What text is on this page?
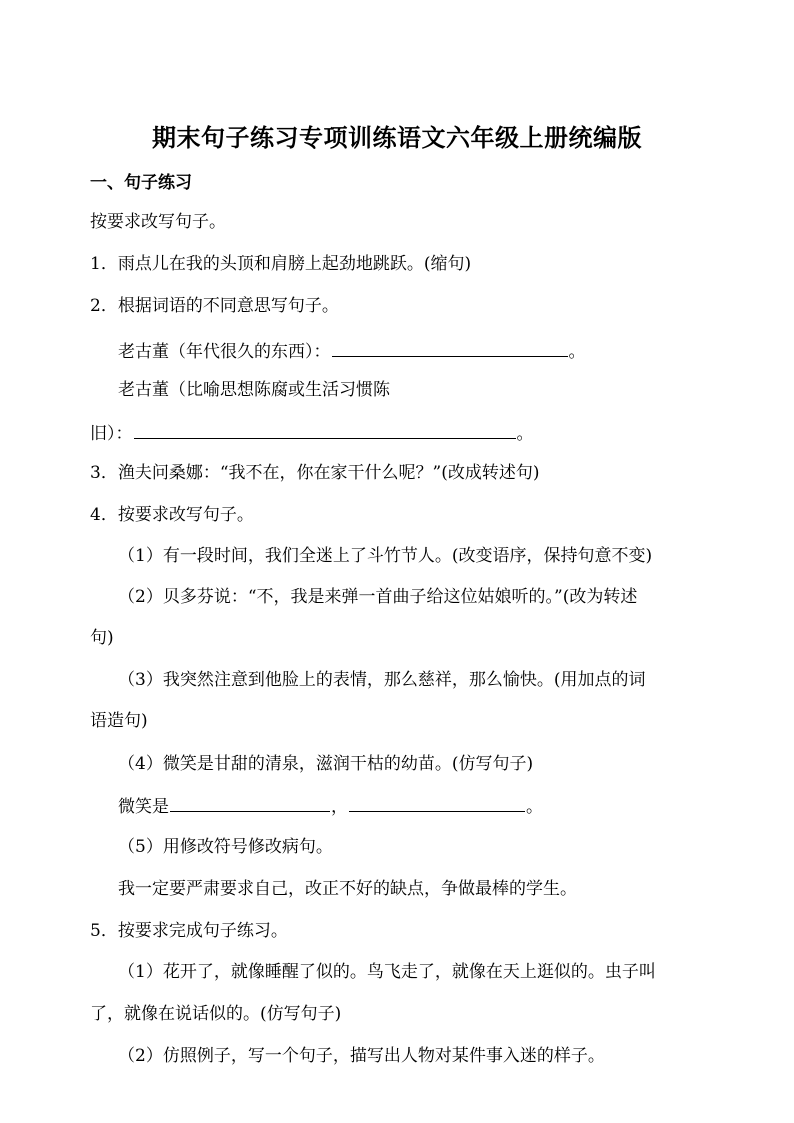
期末句子练习专项训练语文六年级上册统编版
一、句子练习
按要求改写句子。
1．雨点儿在我的头顶和肩膀上起劲地跳跃。(缩句)
2．根据词语的不同意思写句子。
老古董（年代很久的东西）：	。
老古董（比喻思想陈腐或生活习惯陈
旧）：	。
3．渔夫问桑娜：“我不在，你在家干什么呢？”(改成转述句)
4．按要求改写句子。
（1）有一段时间，我们全迷上了斗竹节人。(改变语序，保持句意不变)
（2）贝多芬说：“不，我是来弹一首曲子给这位姑娘听的。”(改为转述
句)
（3）我突然注意到他脸上的表情，那么慈祥，那么愉快。(用加点的词
语造句)
（4）微笑是甘甜的清泉，滋润干枯的幼苗。(仿写句子)
微笑是	，	。
（5）用修改符号修改病句。
我一定要严肃要求自己，改正不好的缺点，争做最棒的学生。
5．按要求完成句子练习。
（1）花开了，就像睡醒了似的。鸟飞走了，就像在天上逛似的。虫子叫
了，就像在说话似的。(仿写句子)
（2）仿照例子，写一个句子，描写出人物对某件事入迷的样子。
